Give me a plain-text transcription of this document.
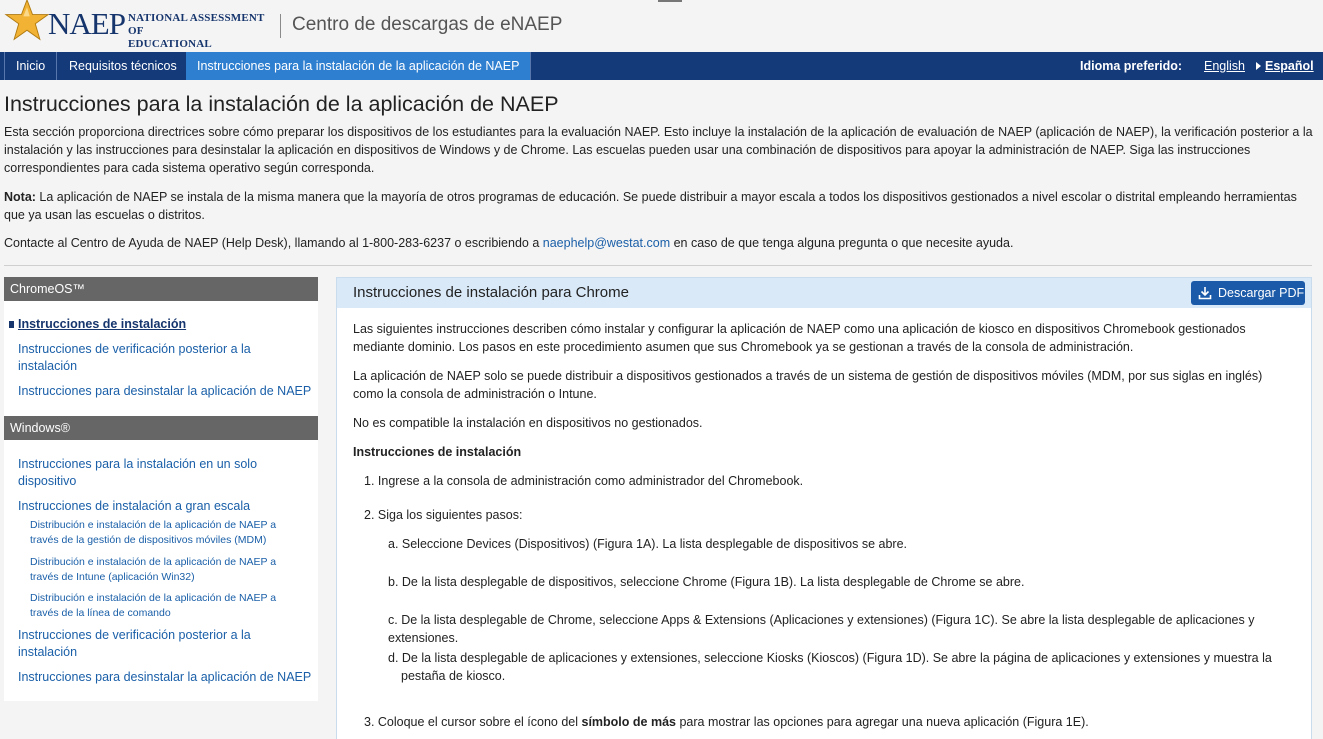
NAEP NATIONAL ASSESSMENT OF
EDUCATIONAL
Centro de descargas de eNAEP
Inicio	Requisitos técnicos	Instrucciones para la instalación de la aplicación de NAEP	Idioma preferido: English	Español
Instrucciones para la instalación de la aplicación de NAEP

Esta sección proporciona directrices sobre cómo preparar los dispositivos de los estudiantes para la evaluación NAEP. Esto incluye la instalación de la aplicación de evaluación de NAEP (aplicación de NAEP), la verificación posterior a la instalación y las instrucciones para desinstalar la aplicación en dispositivos de Windows y de Chrome. Las escuelas pueden usar una combinación de dispositivos para apoyar la administración de NAEP. Siga las instrucciones correspondientes para cada sistema operativo según corresponda.

Nota: La aplicación de NAEP se instala de la misma manera que la mayoría de otros programas de educación. Se puede distribuir a mayor escala a todos los dispositivos gestionados a nivel escolar o distrital empleando herramientas que ya usan las escuelas o distritos.

Contacte al Centro de Ayuda de NAEP (Help Desk), llamando al 1-800-283-6237 o escribiendo a naephelp@westat.com en caso de que tenga alguna pregunta o que necesite ayuda.

ChromeOS™
Instrucciones de instalación
Instrucciones de verificación posterior a la instalación
Instrucciones para desinstalar la aplicación de NAEP
Windows®
Instrucciones para la instalación en un solo dispositivo
Instrucciones de instalación a gran escala
Distribución e instalación de la aplicación de NAEP a través de la gestión de dispositivos móviles (MDM)
Distribución e instalación de la aplicación de NAEP a través de Intune (aplicación Win32)
Distribución e instalación de la aplicación de NAEP a través de la línea de comando
Instrucciones de verificación posterior a la instalación
Instrucciones para desinstalar la aplicación de NAEP
Instrucciones de instalación para Chrome	Descargar PDF

Las siguientes instrucciones describen cómo instalar y configurar la aplicación de NAEP como una aplicación de kiosco en dispositivos Chromebook gestionados mediante dominio. Los pasos en este procedimiento asumen que sus Chromebook ya se gestionan a través de la consola de administración.

La aplicación de NAEP solo se puede distribuir a dispositivos gestionados a través de un sistema de gestión de dispositivos móviles (MDM, por sus siglas en inglés) como la consola de administración o Intune.

No es compatible la instalación en dispositivos no gestionados.

Instrucciones de instalación

1. Ingrese a la consola de administración como administrador del Chromebook.

2. Siga los siguientes pasos:

a. Seleccione Devices (Dispositivos) (Figura 1A). La lista desplegable de dispositivos se abre.

b. De la lista desplegable de dispositivos, seleccione Chrome (Figura 1B). La lista desplegable de Chrome se abre.

c. De la lista desplegable de Chrome, seleccione Apps & Extensions (Aplicaciones y extensiones) (Figura 1C). Se abre la lista desplegable de aplicaciones y extensiones.

d. De la lista desplegable de aplicaciones y extensiones, seleccione Kiosks (Kioscos) (Figura 1D). Se abre la página de aplicaciones y extensiones y muestra la pestaña de kiosco.

3. Coloque el cursor sobre el ícono del símbolo de más para mostrar las opciones para agregar una nueva aplicación (Figura 1E).
